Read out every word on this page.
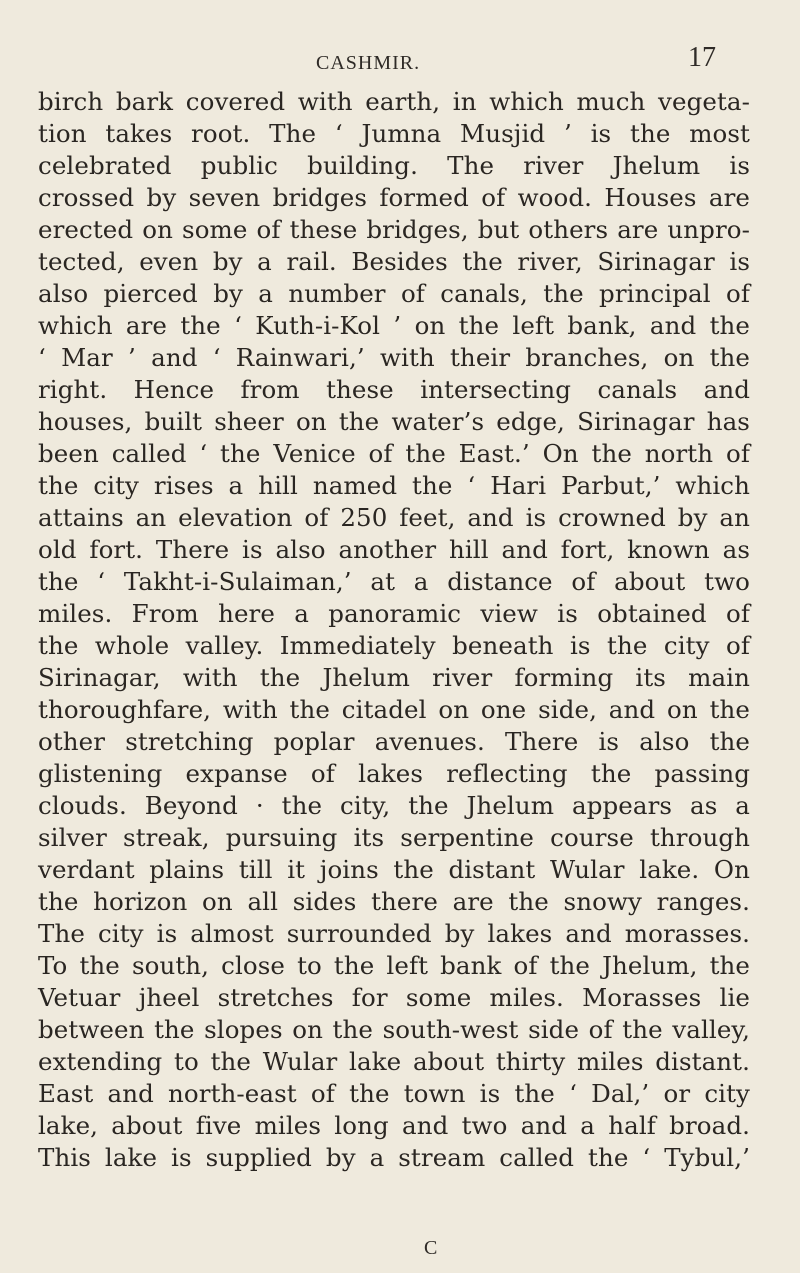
CASHMIR.	17
birch bark covered with earth, in which much vegeta-
tion takes root. The ‘ Jumna Musjid ’ is the most
celebrated public building. The river Jhelum is
crossed by seven bridges formed of wood. Houses are
erected on some of these bridges, but others are unpro-
tected, even by a rail. Besides the river, Sirinagar is
also pierced by a number of canals, the principal of
which are the ‘ Kuth-i-Kol ’ on the left bank, and the
‘ Mar ’ and ‘ Rainwari,’ with their branches, on the
right. Hence from these intersecting canals and
houses, built sheer on the water’s edge, Sirinagar has
been called ‘ the Venice of the East.’ On the north of
the city rises a hill named the ‘ Hari Parbut,’ which
attains an elevation of 250 feet, and is crowned by an
old fort. There is also another hill and fort, known as
the ‘ Takht-i-Sulaiman,’ at a distance of about two
miles. From here a panoramic view is obtained of
the whole valley. Immediately beneath is the city of
Sirinagar, with the Jhelum river forming its main
thoroughfare, with the citadel on one side, and on the
other stretching poplar avenues. There is also the
glistening expanse of lakes reflecting the passing
clouds. Beyond · the city, the Jhelum appears as a
silver streak, pursuing its serpentine course through
verdant plains till it joins the distant Wular lake. On
the horizon on all sides there are the snowy ranges.
The city is almost surrounded by lakes and morasses.
To the south, close to the left bank of the Jhelum, the
Vetuar jheel stretches for some miles. Morasses lie
between the slopes on the south-west side of the valley,
extending to the Wular lake about thirty miles distant.
East and north-east of the town is the ‘ Dal,’ or city
lake, about five miles long and two and a half broad.
This lake is supplied by a stream called the ‘ Tybul,’
C
